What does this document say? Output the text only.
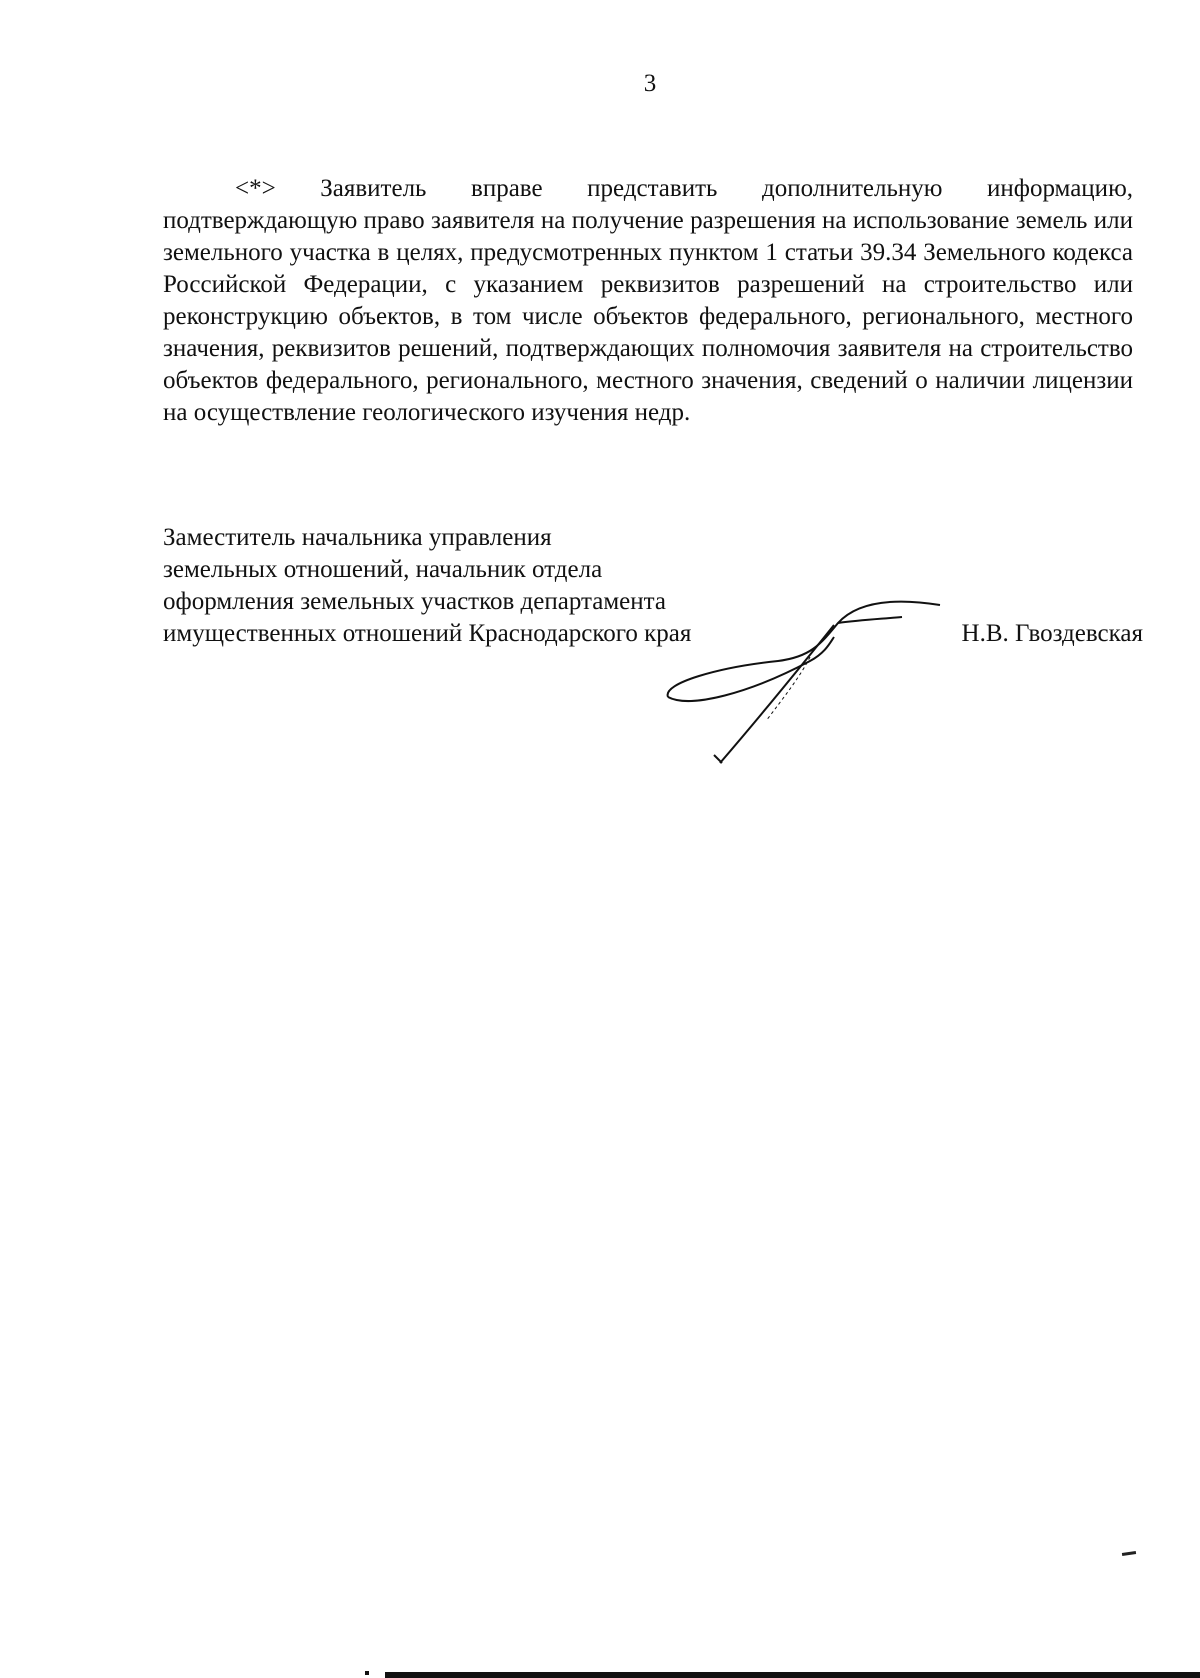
3

<*> Заявитель вправе представить дополнительную информацию, подтверждающую право заявителя на получение разрешения на использование земель или земельного участка в целях, предусмотренных пунктом 1 статьи 39.34 Земельного кодекса Российской Федерации, с указанием реквизитов разрешений на строительство или реконструкцию объектов, в том числе объектов федерального, регионального, местного значения, реквизитов решений, подтверждающих полномочия заявителя на строительство объектов федерального, регионального, местного значения, сведений о наличии лицензии на осуществление геологического изучения недр.

Заместитель начальника управления
земельных отношений, начальник отдела
оформления земельных участков департамента
имущественных отношений Краснодарского края	Н.В. Гвоздевская
